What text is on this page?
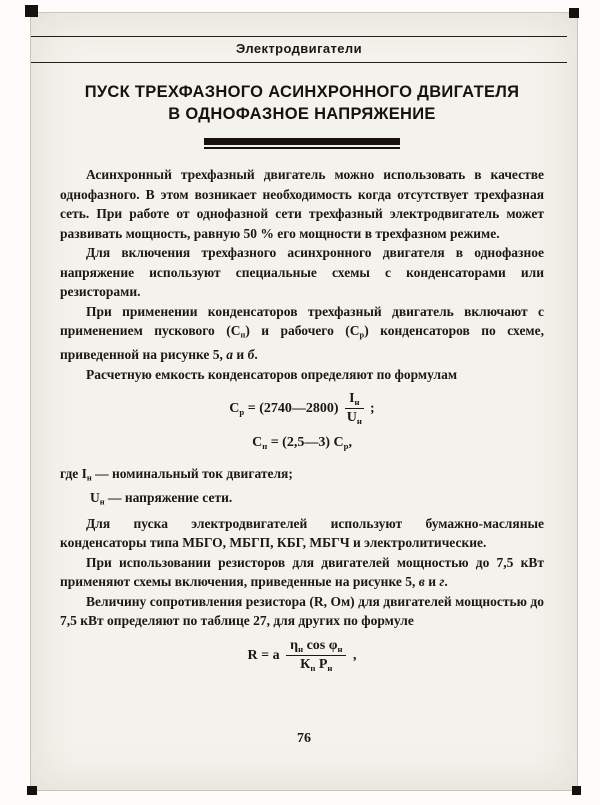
Электродвигатели
ПУСК ТРЕХФАЗНОГО АСИНХРОННОГО ДВИГАТЕЛЯ
В ОДНОФАЗНОЕ НАПРЯЖЕНИЕ

Асинхронный трехфазный двигатель можно использовать в качестве однофазного. В этом возникает необходимость когда отсутствует трехфазная сеть. При работе от однофазной сети трехфазный электродвигатель может развивать мощность, равную 50 % его мощности в трехфазном режиме.

Для включения трехфазного асинхронного двигателя в однофазное напряжение используют специальные схемы с конденсаторами или резисторами.

При применении конденсаторов трехфазный двигатель включают с применением пускового (Сп) и рабочего (Ср) конденсаторов по схеме, приведенной на рисунке 5, а и б.

Расчетную емкость конденсаторов определяют по формулам

Ср = (2740—2800) $\frac{Iн}{Uн}$ ;
Сп = (2,5—3) Ср,
где Iн — номинальный ток двигателя;
Uн — напряжение сети.

Для пуска электродвигателей используют бумажно-масляные конденсаторы типа МБГО, МБГП, КБГ, МБГЧ и электролитические.

При использовании резисторов для двигателей мощностью до 7,5 кВт применяют схемы включения, приведенные на рисунке 5, в и г.

Величину сопротивления резистора (R, Ом) для двигателей мощностью до 7,5 кВт определяют по таблице 27, для других по формуле

R = a $\frac{\text{ηн cos φн}}{\text{Кп Рн}}$ ,
76
